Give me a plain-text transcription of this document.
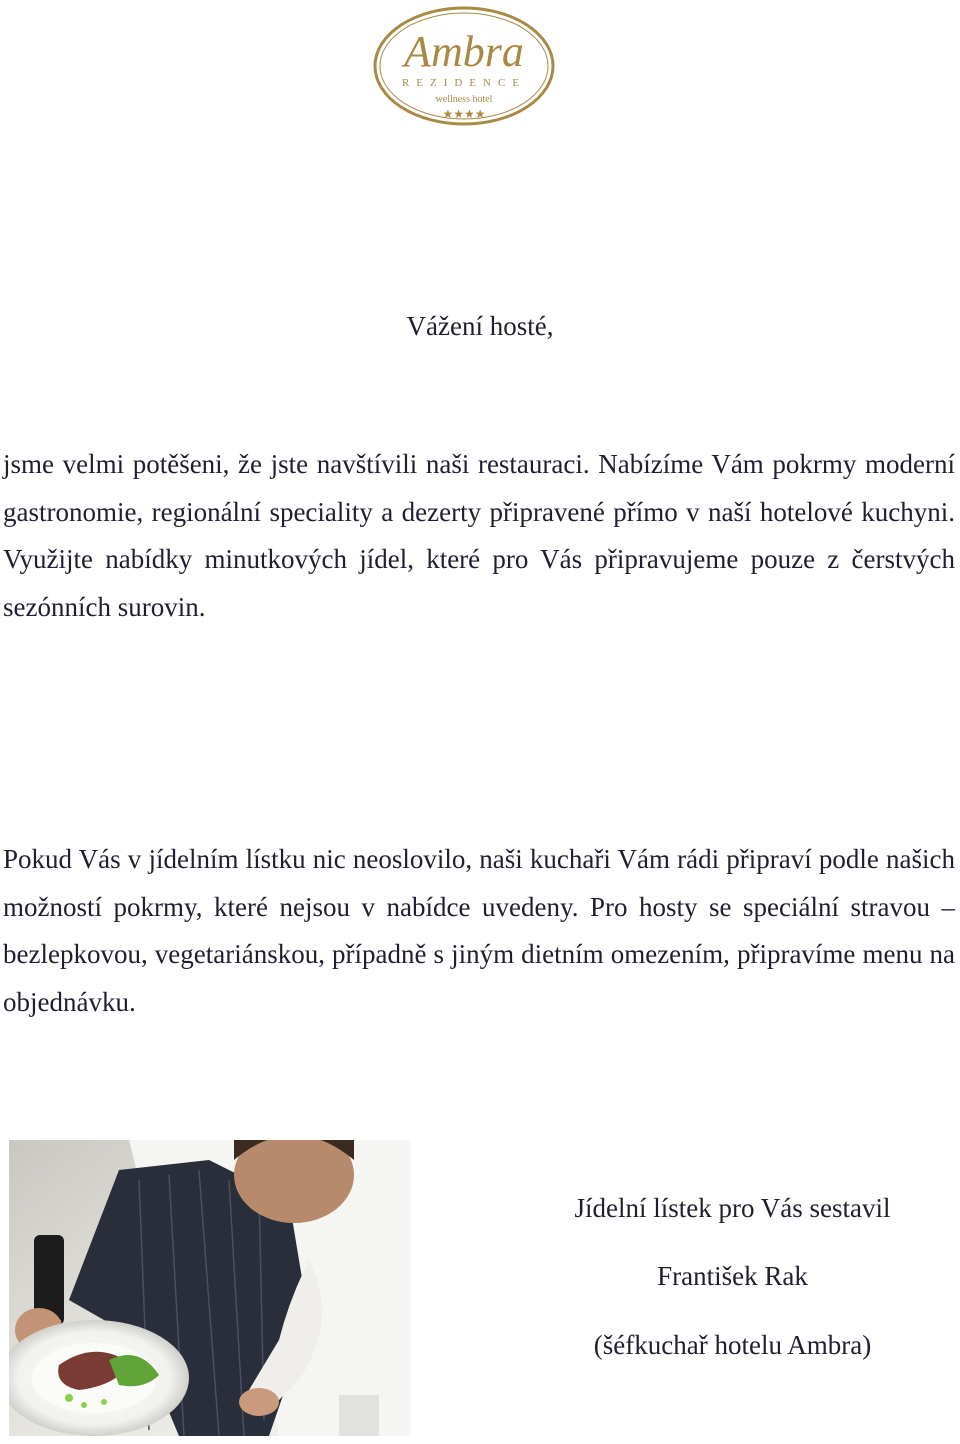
Ambra
REZIDENCE
wellness hotel
★★★★
Vážení hosté,

jsme velmi potěšeni, že jste navštívili naši restauraci. Nabízíme Vám pokrmy moderní gastronomie, regionální speciality a dezerty připravené přímo v naší hotelové kuchyni. Využijte nabídky minutkových jídel, které pro Vás připravujeme pouze z čerstvých sezónních surovin.

Pokud Vás v jídelním lístku nic neoslovilo, naši kuchaři Vám rádi připraví podle našich možností pokrmy, které nejsou v nabídce uvedeny. Pro hosty se speciální stravou – bezlepkovou, vegetariánskou, případně s jiným dietním omezením, připravíme menu na objednávku.

Jídelní lístek pro Vás sestavil
František Rak
(šéfkuchař hotelu Ambra)
